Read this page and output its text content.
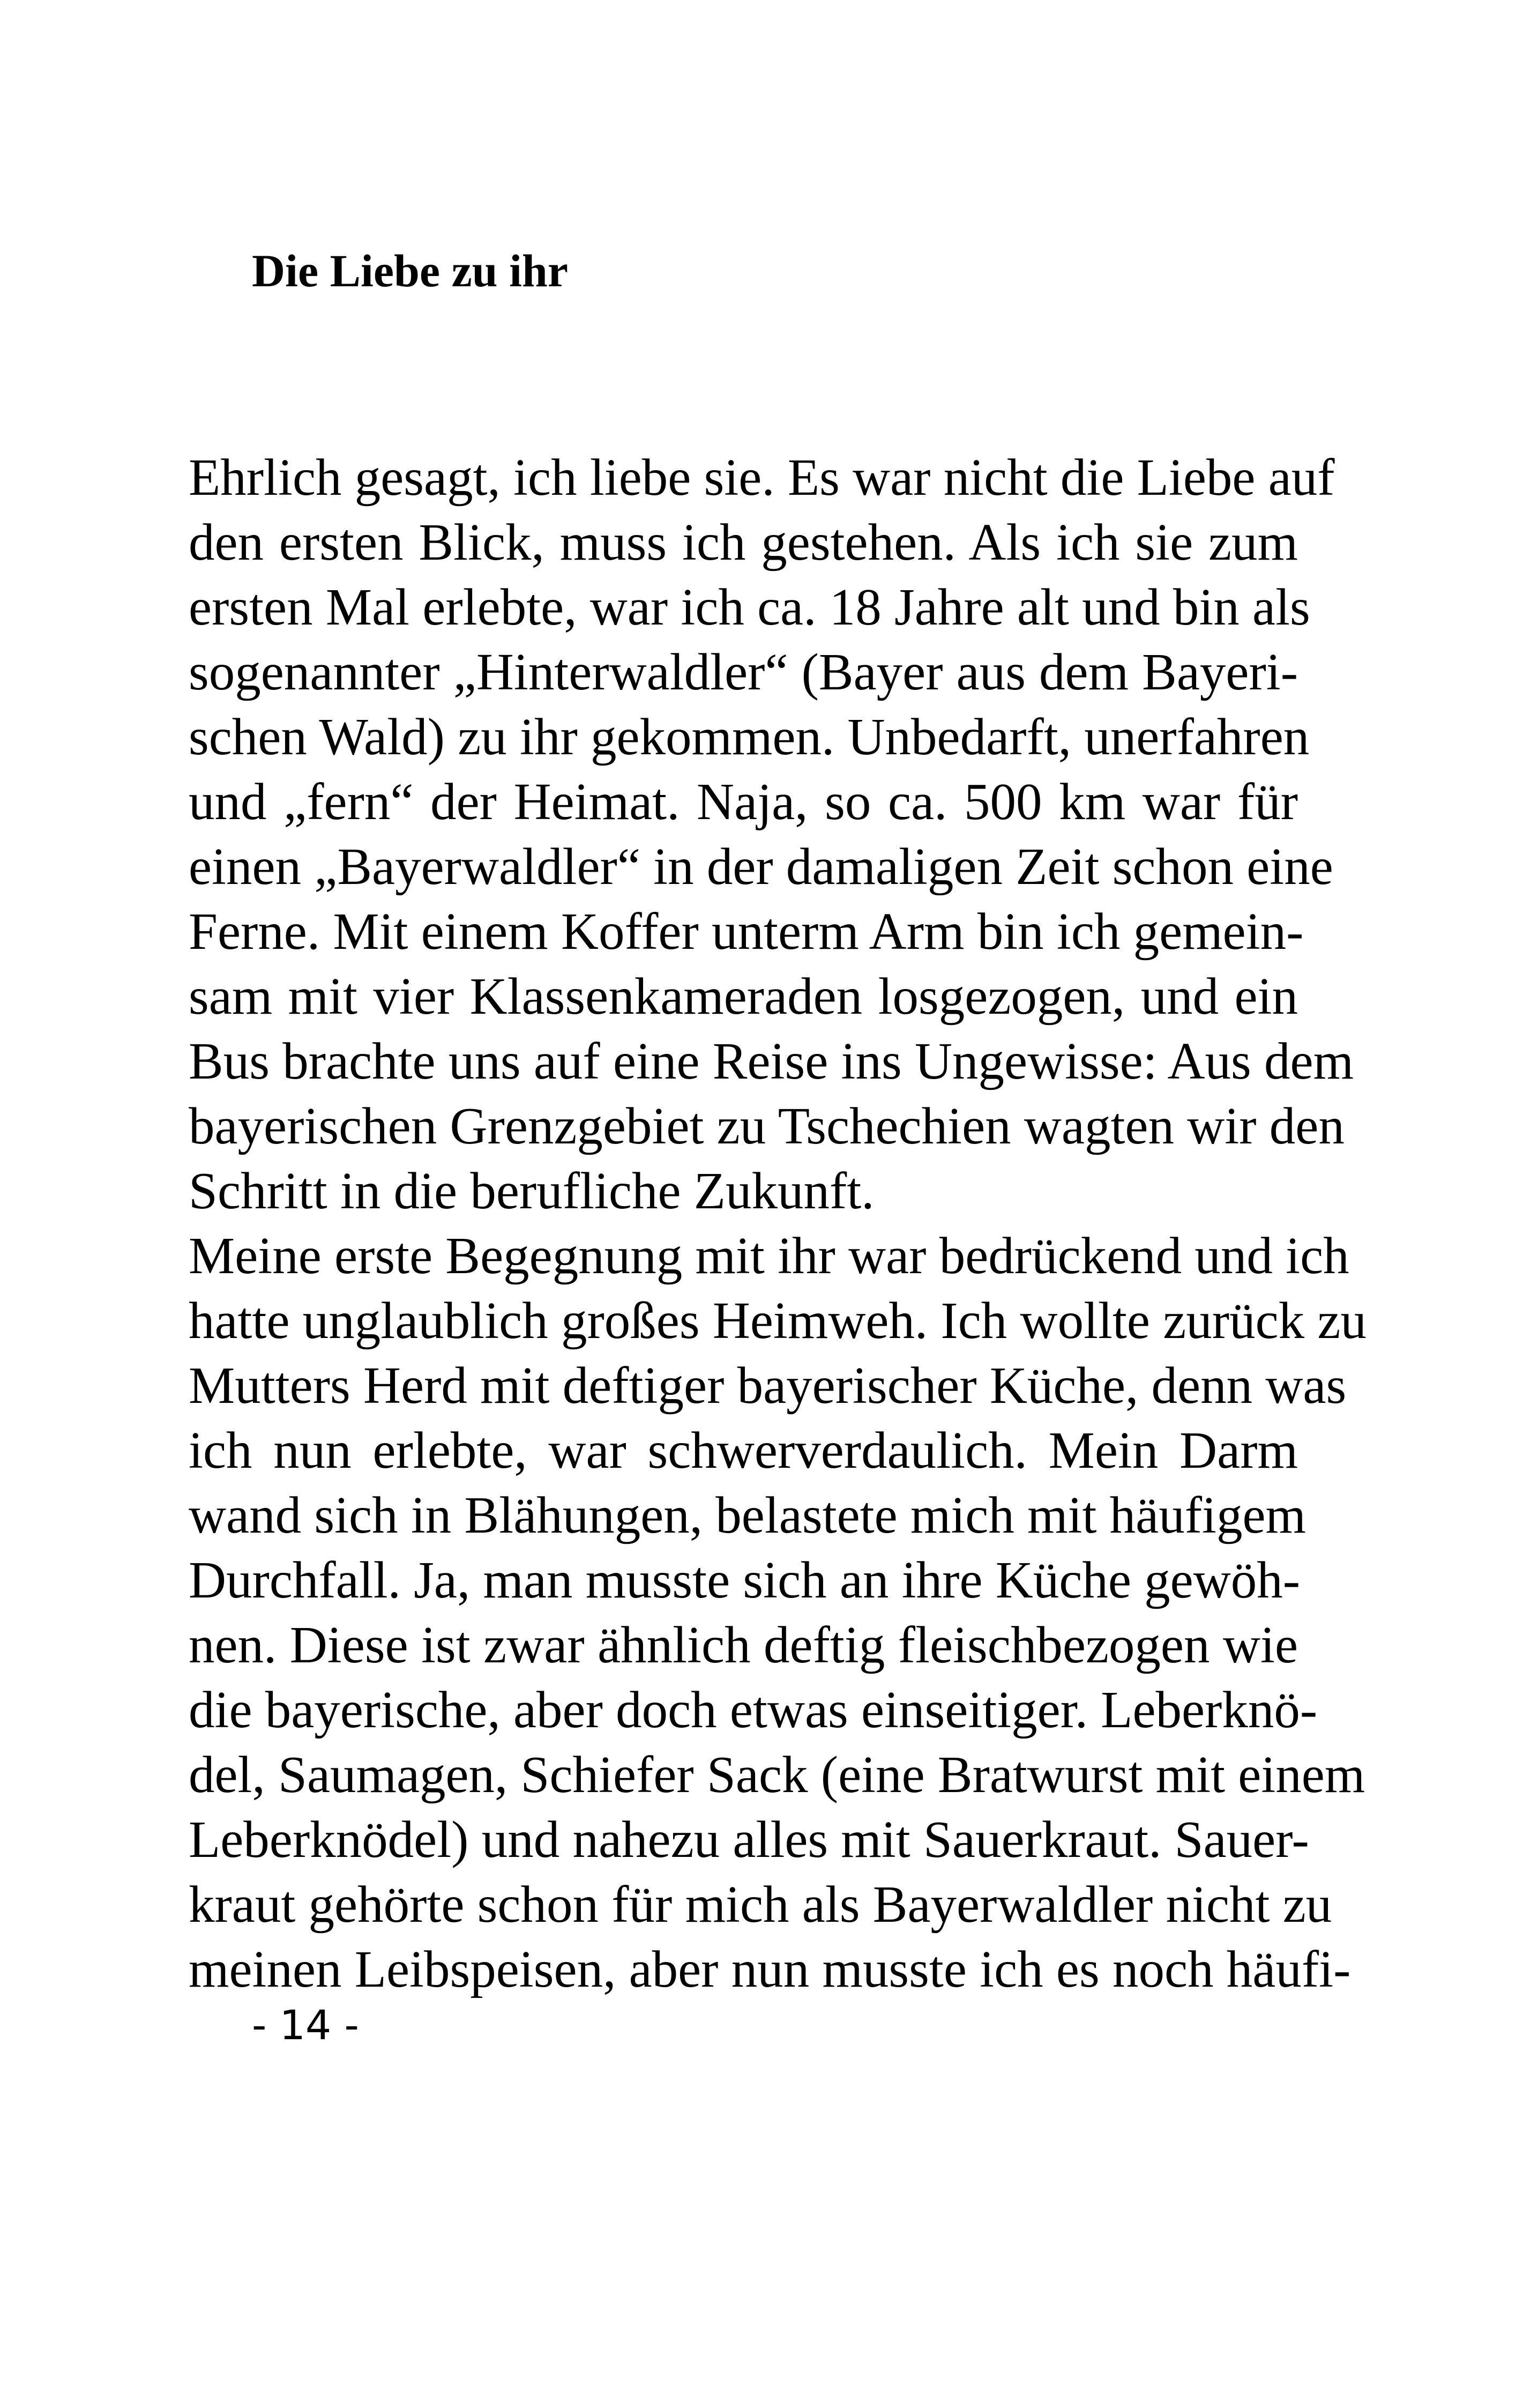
Die Liebe zu ihr
Ehrlich gesagt, ich liebe sie. Es war nicht die Liebe auf
den ersten Blick, muss ich gestehen. Als ich sie zum
ersten Mal erlebte, war ich ca. 18 Jahre alt und bin als
sogenannter „Hinterwaldler“ (Bayer aus dem Bayeri-
schen Wald) zu ihr gekommen. Unbedarft, unerfahren
und „fern“ der Heimat. Naja, so ca. 500 km war für
einen „Bayerwaldler“ in der damaligen Zeit schon eine
Ferne. Mit einem Koffer unterm Arm bin ich gemein-
sam mit vier Klassenkameraden losgezogen, und ein
Bus brachte uns auf eine Reise ins Ungewisse: Aus dem
bayerischen Grenzgebiet zu Tschechien wagten wir den
Schritt in die berufliche Zukunft.
Meine erste Begegnung mit ihr war bedrückend und ich
hatte unglaublich großes Heimweh. Ich wollte zurück zu
Mutters Herd mit deftiger bayerischer Küche, denn was
ich nun erlebte, war schwerverdaulich. Mein Darm
wand sich in Blähungen, belastete mich mit häufigem
Durchfall. Ja, man musste sich an ihre Küche gewöh-
nen. Diese ist zwar ähnlich deftig fleischbezogen wie
die bayerische, aber doch etwas einseitiger. Leberknö-
del, Saumagen, Schiefer Sack (eine Bratwurst mit einem
Leberknödel) und nahezu alles mit Sauerkraut. Sauer-
kraut gehörte schon für mich als Bayerwaldler nicht zu
meinen Leibspeisen, aber nun musste ich es noch häufi-

- 14 -
